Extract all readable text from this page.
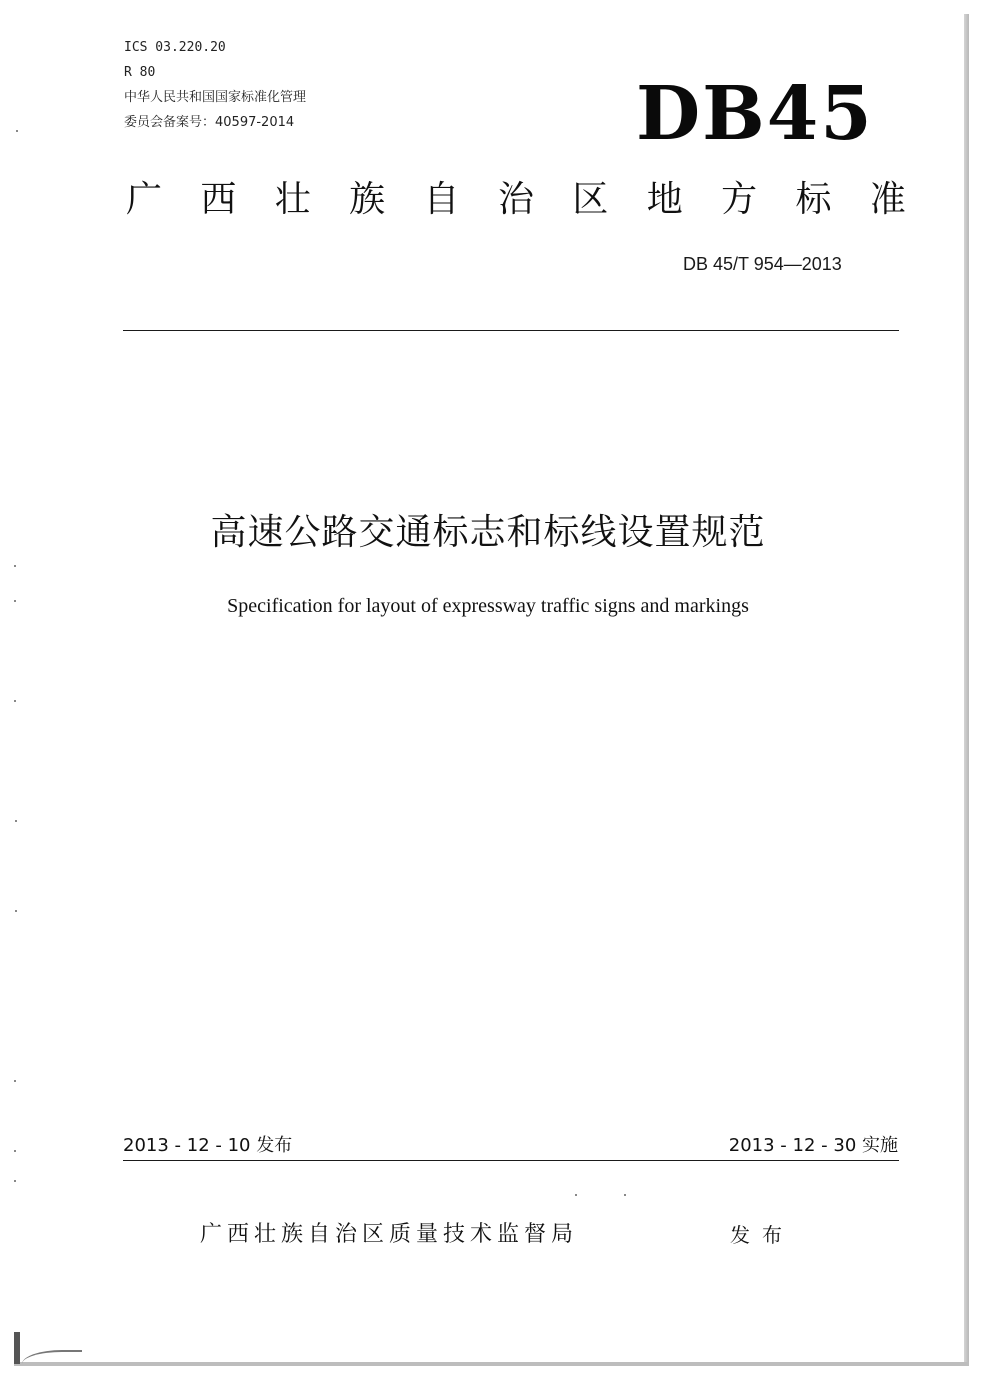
ICS 03.220.20
R 80
中华人民共和国国家标准化管理
委员会备案号：40597-2014	DB45
广 西 壮 族 自 治 区 地 方 标 准
DB 45/T 954—2013
高速公路交通标志和标线设置规范
Specification for layout of expressway traffic signs and markings
2013 - 12 - 10 发布	2013 - 12 - 30 实施
广西壮族自治区质量技术监督局	发布
